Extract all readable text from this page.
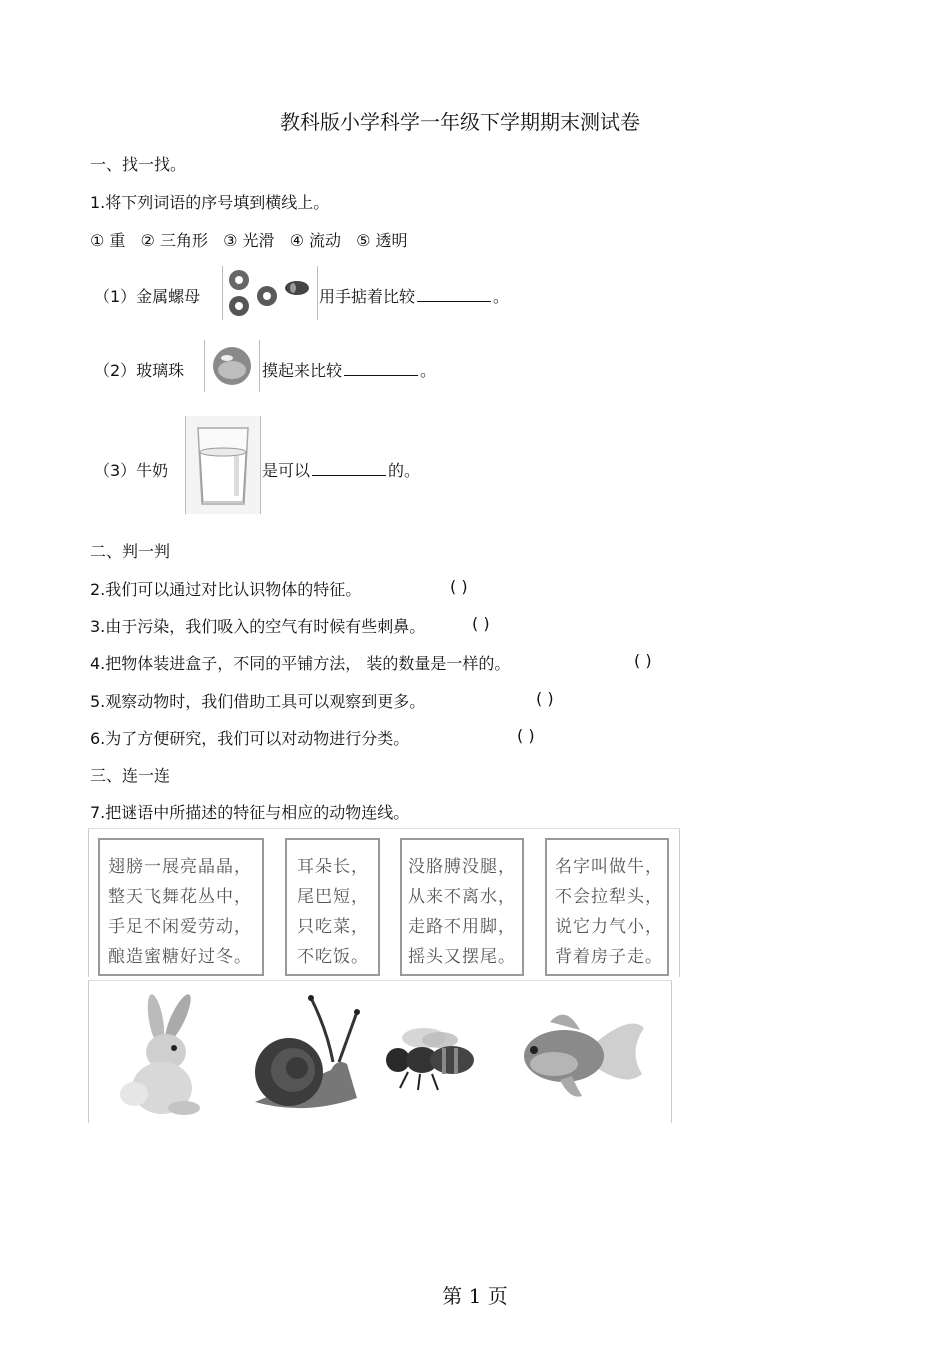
教科版小学科学一年级下学期期末测试卷
一、找一找。
1.将下列词语的序号填到横线上。
① 重 ② 三角形 ③ 光滑 ④ 流动 ⑤ 透明
（1）金属螺母	用手掂着比较	。
（2）玻璃珠	摸起来比较	。
（3）牛奶	是可以	的。
二、判一判
2.我们可以通过对比认识物体的特征。	( )
3.由于污染，我们吸入的空气有时候有些刺鼻。	( )
4.把物体装进盒子，不同的平铺方法， 装的数量是一样的。	( )
5.观察动物时，我们借助工具可以观察到更多。	( )
6.为了方便研究，我们可以对动物进行分类。	( )
三、连一连
7.把谜语中所描述的特征与相应的动物连线。
翅膀一展亮晶晶，
整天飞舞花丛中，
手足不闲爱劳动，
酿造蜜糖好过冬。
耳朵长，
尾巴短，
只吃菜，
不吃饭。
没胳膊没腿，
从来不离水，
走路不用脚，
摇头又摆尾。
名字叫做牛，
不会拉犁头，
说它力气小，
背着房子走。
第 1 页
